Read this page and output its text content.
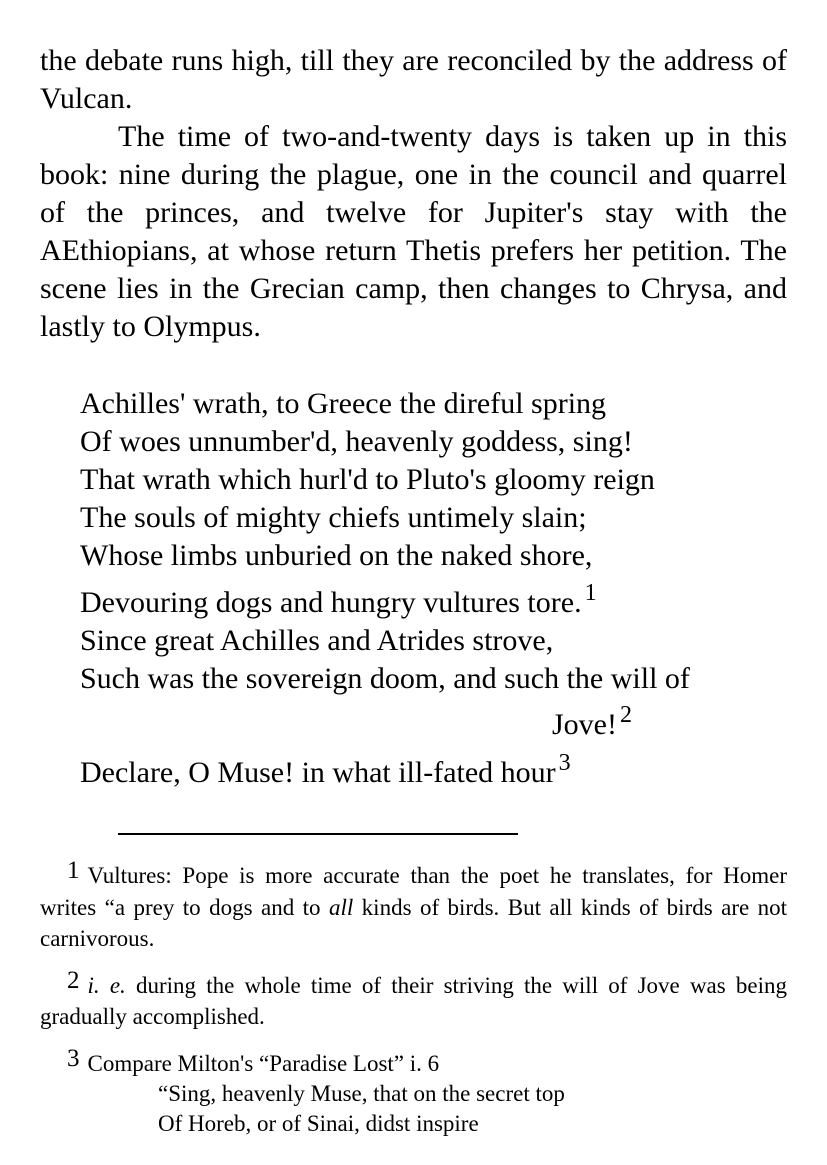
the debate runs high, till they are reconciled by the address of Vulcan.

The time of two-and-twenty days is taken up in this book: nine during the plague, one in the council and quarrel of the princes, and twelve for Jupiter's stay with the AEthiopians, at whose return Thetis prefers her petition. The scene lies in the Grecian camp, then changes to Chrysa, and lastly to Olympus.

Achilles' wrath, to Greece the direful spring
Of woes unnumber'd, heavenly goddess, sing!
That wrath which hurl'd to Pluto's gloomy reign
The souls of mighty chiefs untimely slain;
Whose limbs unburied on the naked shore,
Devouring dogs and hungry vultures tore. $^1$
Since great Achilles and Atrides strove,
Such was the sovereign doom, and such the will of
Jove! $^2$
Declare, O Muse! in what ill-fated hour $^3$

1 Vultures: Pope is more accurate than the poet he translates, for Homer writes “a prey to dogs and to all kinds of birds. But all kinds of birds are not carnivorous.

2 i. e. during the whole time of their striving the will of Jove was being gradually accomplished.

3 Compare Milton's “Paradise Lost” i. 6

“Sing, heavenly Muse, that on the secret top
Of Horeb, or of Sinai, didst inspire
